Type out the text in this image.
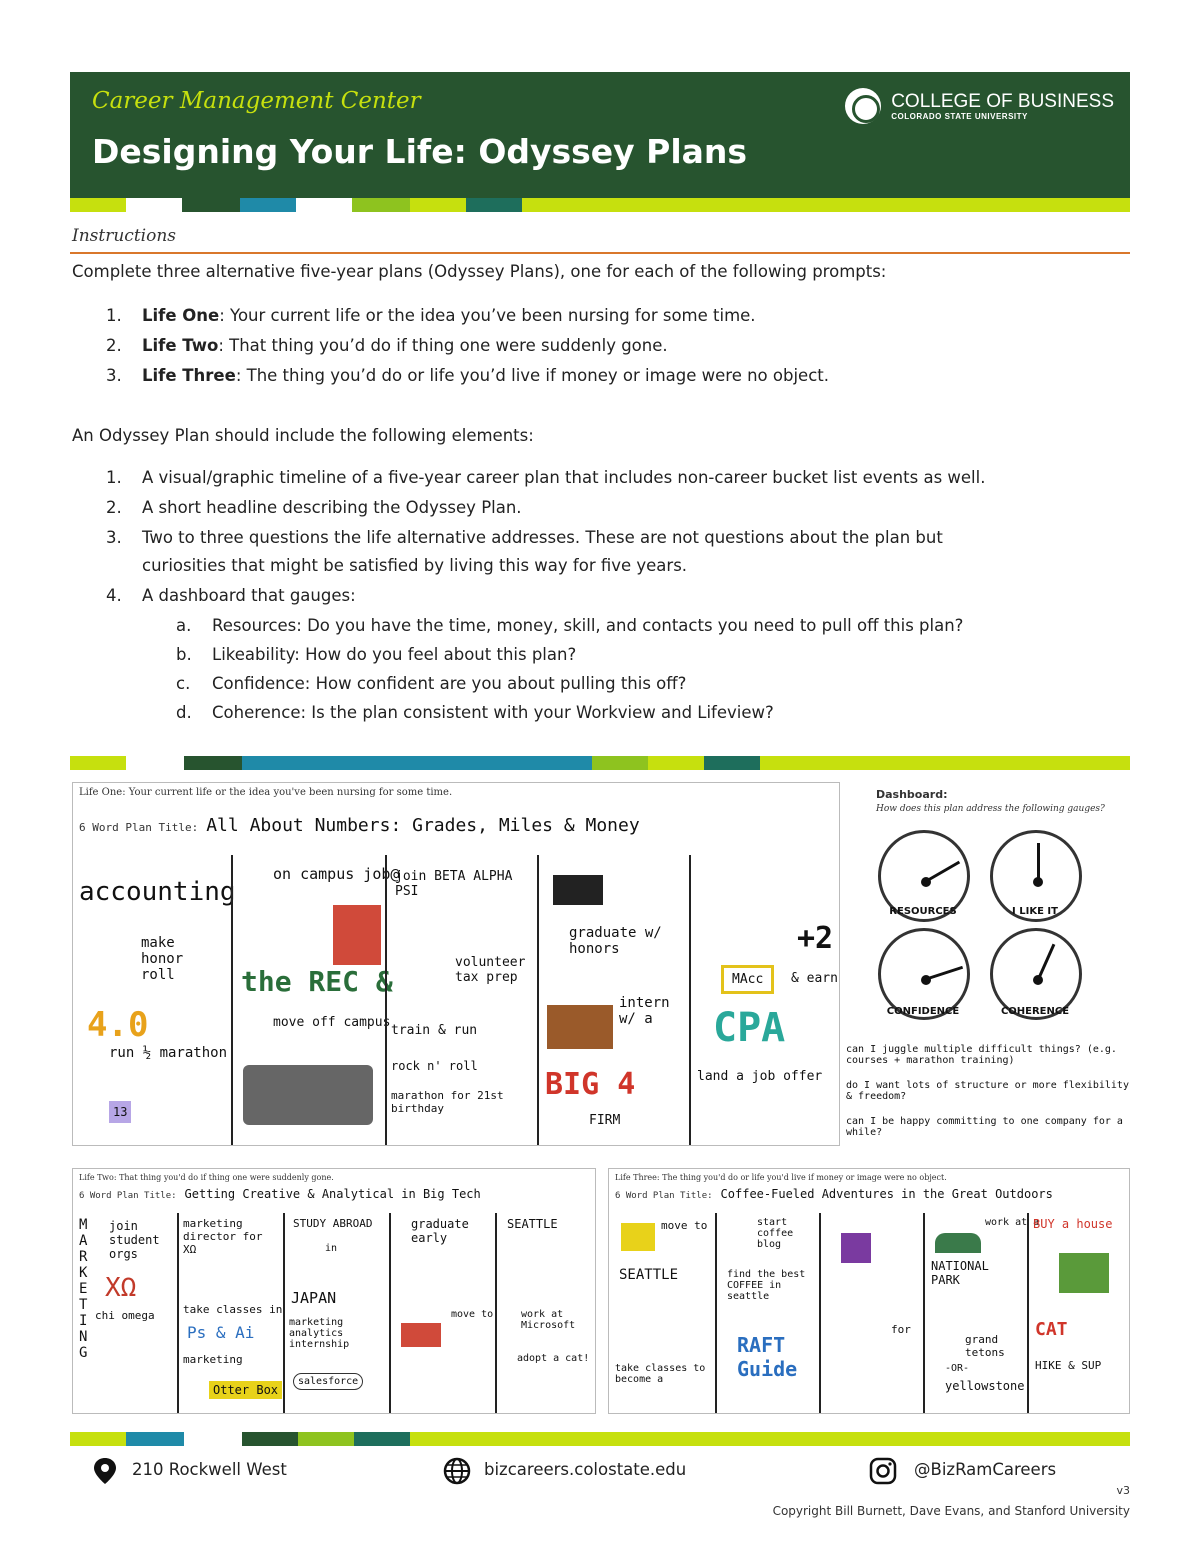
Career Management Center
Designing Your Life: Odyssey Plans
COLLEGE OF BUSINESS
COLORADO STATE UNIVERSITY
Instructions
Complete three alternative five-year plans (Odyssey Plans), one for each of the following prompts:
1. Life One: Your current life or the idea you’ve been nursing for some time.
2. Life Two: That thing you’d do if thing one were suddenly gone.
3. Life Three: The thing you’d do or life you’d live if money or image were no object.
An Odyssey Plan should include the following elements:
1. A visual/graphic timeline of a five-year career plan that includes non-career bucket list events as well.
2. A short headline describing the Odyssey Plan.
3. Two to three questions the life alternative addresses. These are not questions about the plan but
curiosities that might be satisfied by living this way for five years.
4. A dashboard that gauges:
a. Resources: Do you have the time, money, skill, and contacts you need to pull off this plan?
b. Likeability: How do you feel about this plan?
c. Confidence: How confident are you about pulling this off?
d. Coherence: Is the plan consistent with your Workview and Lifeview?
Life One: Your current life or the idea you've been nursing for some time.
6 Word Plan Title: All About Numbers: Grades, Miles & Money
accounting
make honor roll
4.0
run ½ marathon
13
on campus job@
the REC &
move off campus
join BETA ALPHA PSI
volunteer tax prep
train & run
rock n' roll
marathon for 21st birthday
graduate w/ honors
intern w/ a
BIG 4
FIRM
MAcc
+2
& earn
CPA
land a job offer
Dashboard:
How does this plan address the following gauges?
RESOURCES	I LIKE IT
CONFIDENCE	COHERENCE
can I juggle multiple difficult things? (e.g. courses + marathon training)
do I want lots of structure or more flexibility & freedom?
can I be happy committing to one company for a while?
Life Two: That thing you'd do if thing one were suddenly gone.
6 Word Plan Title: Getting Creative & Analytical in Big Tech
join student orgs
XΩ
chi omega
MARKETING
marketing director for XΩ
take classes in
Ps & Ai
marketing
Otter Box
STUDY ABROAD
in
JAPAN
marketing analytics internship
salesforce
graduate early
move to
SEATTLE
work at Microsoft
adopt a cat!
Life Three: The thing you'd do or life you'd live if money or image were no object.
6 Word Plan Title: Coffee-Fueled Adventures in the Great Outdoors
move to
SEATTLE
take classes to become a
start coffee blog
find the best COFFEE in seattle
RAFT Guide
for
work at a
NATIONAL PARK
grand tetons
-OR-
yellowstone
BUY a house
CAT
HIKE & SUP
210 Rockwell West	bizcareers.colostate.edu	@BizRamCareers
v3
Copyright Bill Burnett, Dave Evans, and Stanford University
